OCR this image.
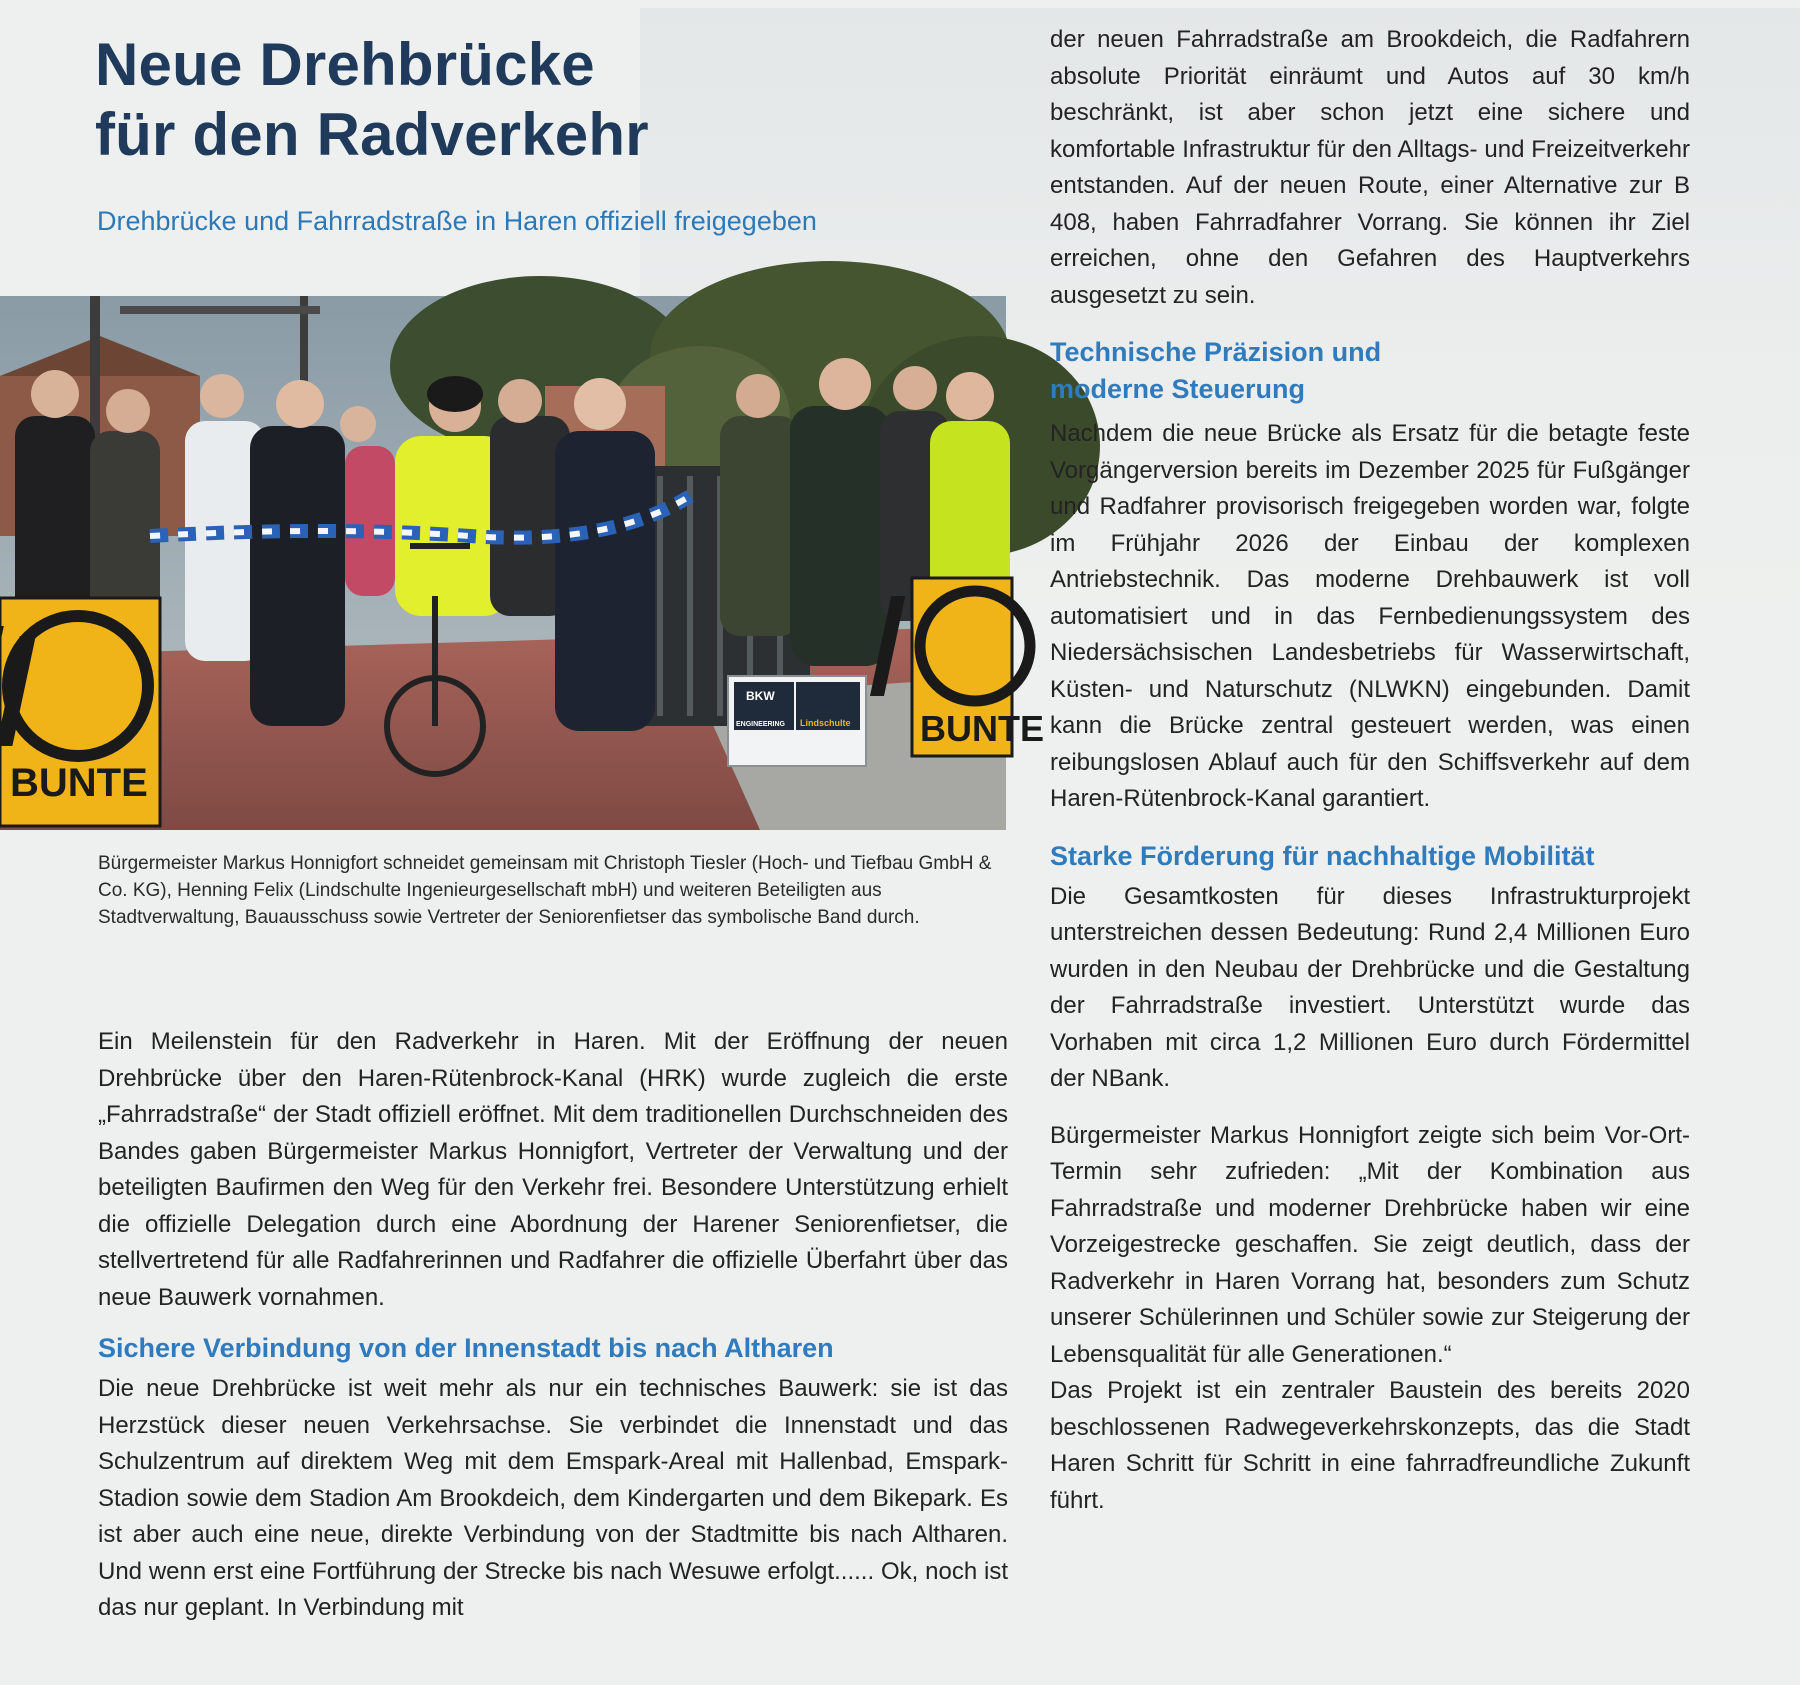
Neue Drehbrücke
für den Radverkehr
Drehbrücke und Fahrradstraße in Haren offiziell freigegeben
BKW
ENGINEERING Lindschulte
BUNTE
BUNTE

Bürgermeister Markus Honnigfort schneidet gemeinsam mit Christoph Tiesler (Hoch- und Tiefbau GmbH & Co. KG), Henning Felix (Lindschulte Ingenieurgesellschaft mbH) und weiteren Beteiligten aus Stadtverwaltung, Bauausschuss sowie Vertreter der Seniorenfietser das symbolische Band durch.

Ein Meilenstein für den Radverkehr in Haren. Mit der Eröffnung der neuen Drehbrücke über den Haren-Rütenbrock-Kanal (HRK) wurde zugleich die erste „Fahrradstraße“ der Stadt offiziell eröffnet. Mit dem traditionellen Durchschneiden des Bandes gaben Bürgermeister Markus Honnigfort, Vertreter der Verwaltung und der beteiligten Baufirmen den Weg für den Verkehr frei. Besondere Unterstützung erhielt die offizielle Delegation durch eine Abordnung der Harener Seniorenfietser, die stellvertretend für alle Radfahrerinnen und Radfahrer die offizielle Überfahrt über das neue Bauwerk vornahmen.

Sichere Verbindung von der Innenstadt bis nach Altharen

Die neue Drehbrücke ist weit mehr als nur ein technisches Bauwerk: sie ist das Herzstück dieser neuen Verkehrsachse. Sie verbindet die Innenstadt und das Schulzentrum auf direktem Weg mit dem Emspark-Areal mit Hallenbad, Emspark-Stadion sowie dem Stadion Am Brookdeich, dem Kindergarten und dem Bikepark. Es ist aber auch eine neue, direkte Verbindung von der Stadtmitte bis nach Altharen. Und wenn erst eine Fortführung der Strecke bis nach Wesuwe erfolgt...... Ok, noch ist das nur geplant. In Verbindung mit

der neuen Fahrradstraße am Brookdeich, die Radfahrern absolute Priorität einräumt und Autos auf 30 km/h beschränkt, ist aber schon jetzt eine sichere und komfortable Infrastruktur für den Alltags- und Freizeitverkehr entstanden. Auf der neuen Route, einer Alternative zur B 408, haben Fahrradfahrer Vorrang. Sie können ihr Ziel erreichen, ohne den Gefahren des Hauptverkehrs ausgesetzt zu sein.

Technische Präzision und
moderne Steuerung

Nachdem die neue Brücke als Ersatz für die betagte feste Vorgängerversion bereits im Dezember 2025 für Fußgänger und Radfahrer provisorisch freigegeben worden war, folgte im Frühjahr 2026 der Einbau der komplexen Antriebstechnik. Das moderne Drehbauwerk ist voll automatisiert und in das Fernbedienungssystem des Niedersächsischen Landesbetriebs für Wasserwirtschaft, Küsten- und Naturschutz (NLWKN) eingebunden. Damit kann die Brücke zentral gesteuert werden, was einen reibungslosen Ablauf auch für den Schiffsverkehr auf dem Haren-Rütenbrock-Kanal garantiert.

Starke Förderung für nachhaltige Mobilität

Die Gesamtkosten für dieses Infrastrukturprojekt unterstreichen dessen Bedeutung: Rund 2,4 Millionen Euro wurden in den Neubau der Drehbrücke und die Gestaltung der Fahrradstraße investiert. Unterstützt wurde das Vorhaben mit circa 1,2 Millionen Euro durch Fördermittel der NBank.

Bürgermeister Markus Honnigfort zeigte sich beim Vor-Ort-Termin sehr zufrieden: „Mit der Kombination aus Fahrradstraße und moderner Drehbrücke haben wir eine Vorzeigestrecke geschaffen. Sie zeigt deutlich, dass der Radverkehr in Haren Vorrang hat, besonders zum Schutz unserer Schülerinnen und Schüler sowie zur Steigerung der Lebensqualität für alle Generationen.“

Das Projekt ist ein zentraler Baustein des bereits 2020 beschlossenen Radwegeverkehrskonzepts, das die Stadt Haren Schritt für Schritt in eine fahrradfreundliche Zukunft führt.
